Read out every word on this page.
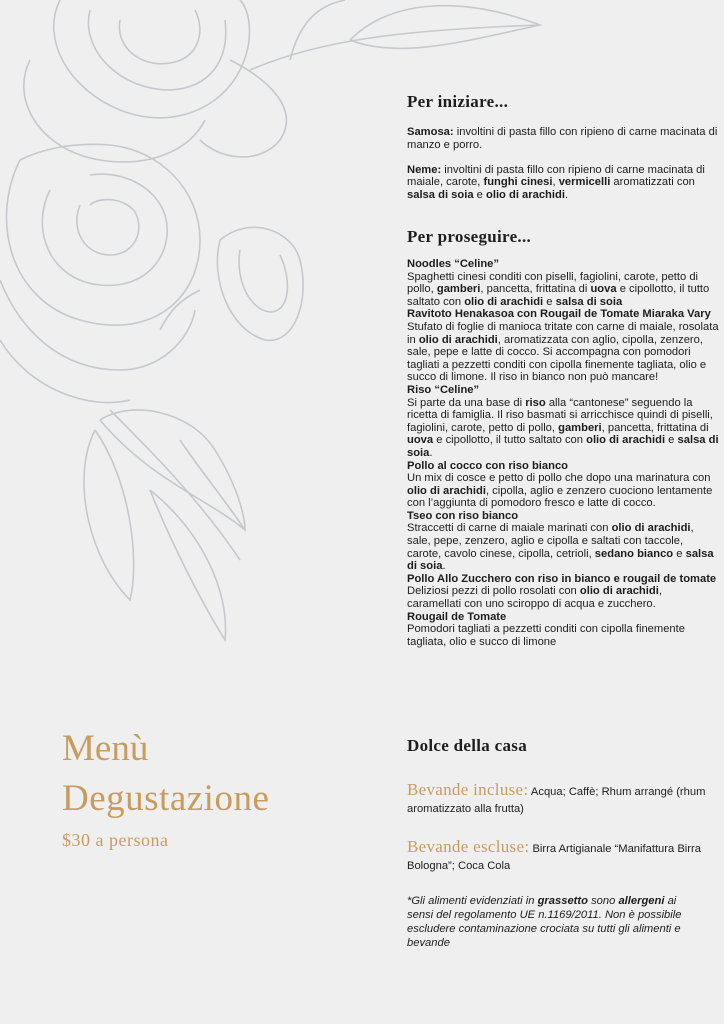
Menù
Degustazione
$30 a persona
Per iniziare...

Samosa: involtini di pasta fillo con ripieno di carne macinata di manzo e porro.

Neme: involtini di pasta fillo con ripieno di carne macinata di maiale, carote, funghi cinesi, vermicelli aromatizzati con salsa di soia e olio di arachidi.

Per proseguire...

Noodles “Celine”

Spaghetti cinesi conditi con piselli, fagiolini, carote, petto di pollo, gamberi, pancetta, frittatina di uova e cipollotto, il tutto saltato con olio di arachidi e salsa di soia

Ravitoto Henakasoa con Rougail de Tomate Miaraka Vary

Stufato di foglie di manioca tritate con carne di maiale, rosolata in olio di arachidi, aromatizzata con aglio, cipolla, zenzero, sale, pepe e latte di cocco. Si accompagna con pomodori tagliati a pezzetti conditi con cipolla finemente tagliata, olio e succo di limone. Il riso in bianco non può mancare!

Riso “Celine”

Si parte da una base di riso alla “cantonese” seguendo la ricetta di famiglia. Il riso basmati si arricchisce quindi di piselli, fagiolini, carote, petto di pollo, gamberi, pancetta, frittatina di uova e cipollotto, il tutto saltato con olio di arachidi e salsa di soia.

Pollo al cocco con riso bianco

Un mix di cosce e petto di pollo che dopo una marinatura con olio di arachidi, cipolla, aglio e zenzero cuociono lentamente con l’aggiunta di pomodoro fresco e latte di cocco.

Tseo con riso bianco

Straccetti di carne di maiale marinati con olio di arachidi, sale, pepe, zenzero, aglio e cipolla e saltati con taccole, carote, cavolo cinese, cipolla, cetrioli, sedano bianco e salsa di soia.

Pollo Allo Zucchero con riso in bianco e rougail de tomate

Deliziosi pezzi di pollo rosolati con olio di arachidi, caramellati con uno sciroppo di acqua e zucchero.

Rougail de Tomate

Pomodori tagliati a pezzetti conditi con cipolla finemente tagliata, olio e succo di limone

Dolce della casa
Bevande incluse: Acqua; Caffè; Rhum arrangé (rhum aromatizzato alla frutta)
Bevande escluse: Birra Artigianale “Manifattura Birra Bologna”; Coca Cola
*Gli alimenti evidenziati in grassetto sono allergeni ai sensi del regolamento UE n.1169/2011. Non è possibile escludere contaminazione crociata su tutti gli alimenti e bevande
